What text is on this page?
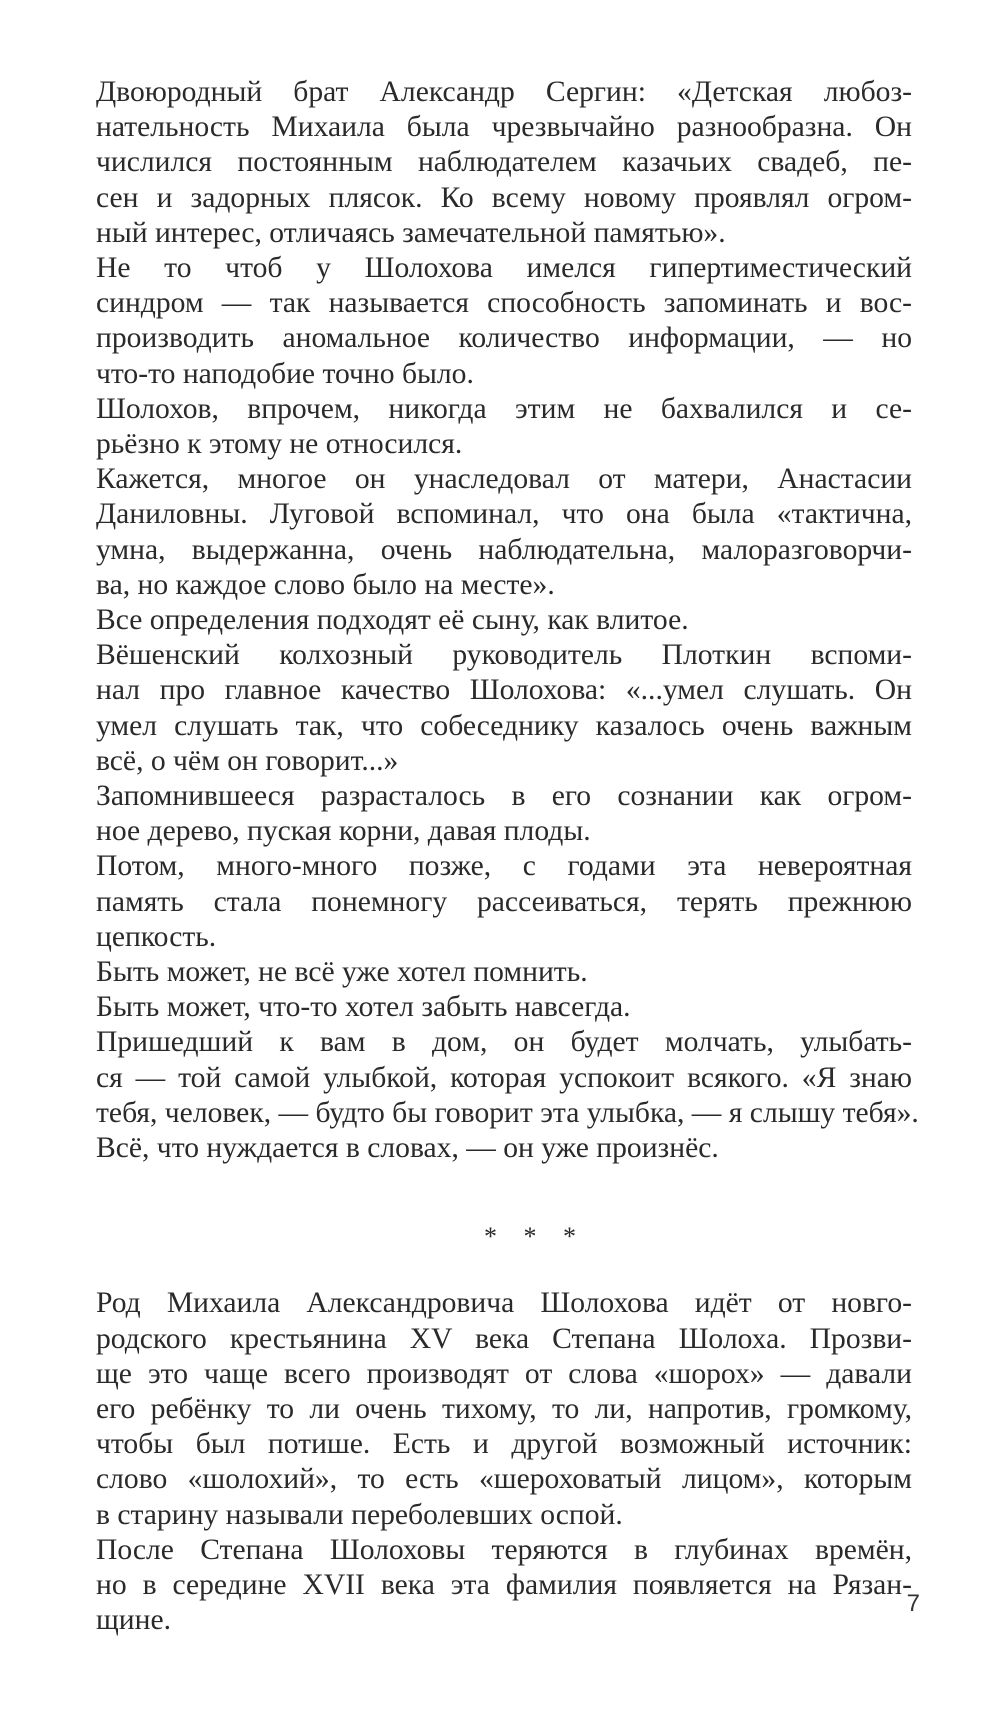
Двоюродный брат Александр Сергин: «Детская любоз-
нательность Михаила была чрезвычайно разнообразна. Он
числился постоянным наблюдателем казачьих свадеб, пе-
сен и задорных плясок. Ко всему новому проявлял огром-
ный интерес, отличаясь замечательной памятью».

Не то чтоб у Шолохова имелся гипертиместический
синдром — так называется способность запоминать и вос-
производить аномальное количество информации, — но
что-то наподобие точно было.

Шолохов, впрочем, никогда этим не бахвалился и се-
рьёзно к этому не относился.

Кажется, многое он унаследовал от матери, Анастасии
Даниловны. Луговой вспоминал, что она была «тактична,
умна, выдержанна, очень наблюдательна, малоразговорчи-
ва, но каждое слово было на месте».

Все определения подходят её сыну, как влитое.

Вёшенский колхозный руководитель Плоткин вспоми-
нал про главное качество Шолохова: «...умел слушать. Он
умел слушать так, что собеседнику казалось очень важным
всё, о чём он говорит...»

Запомнившееся разрасталось в его сознании как огром-
ное дерево, пуская корни, давая плоды.

Потом, много-много позже, с годами эта невероятная
память стала понемногу рассеиваться, терять прежнюю
цепкость.

Быть может, не всё уже хотел помнить.

Быть может, что-то хотел забыть навсегда.

Пришедший к вам в дом, он будет молчать, улыбать-
ся — той самой улыбкой, которая успокоит всякого. «Я знаю
тебя, человек, — будто бы говорит эта улыбка, — я слышу тебя».

Всё, что нуждается в словах, — он уже произнёс.

* * *

Род Михаила Александровича Шолохова идёт от новго-
родского крестьянина XV века Степана Шолоха. Прозви-
ще это чаще всего производят от слова «шорох» — давали
его ребёнку то ли очень тихому, то ли, напротив, громкому,
чтобы был потише. Есть и другой возможный источник:
слово «шолохий», то есть «шероховатый лицом», которым
в старину называли переболевших оспой.

После Степана Шолоховы теряются в глубинах времён,
но в середине XVII века эта фамилия появляется на Рязан-
щине.

7
